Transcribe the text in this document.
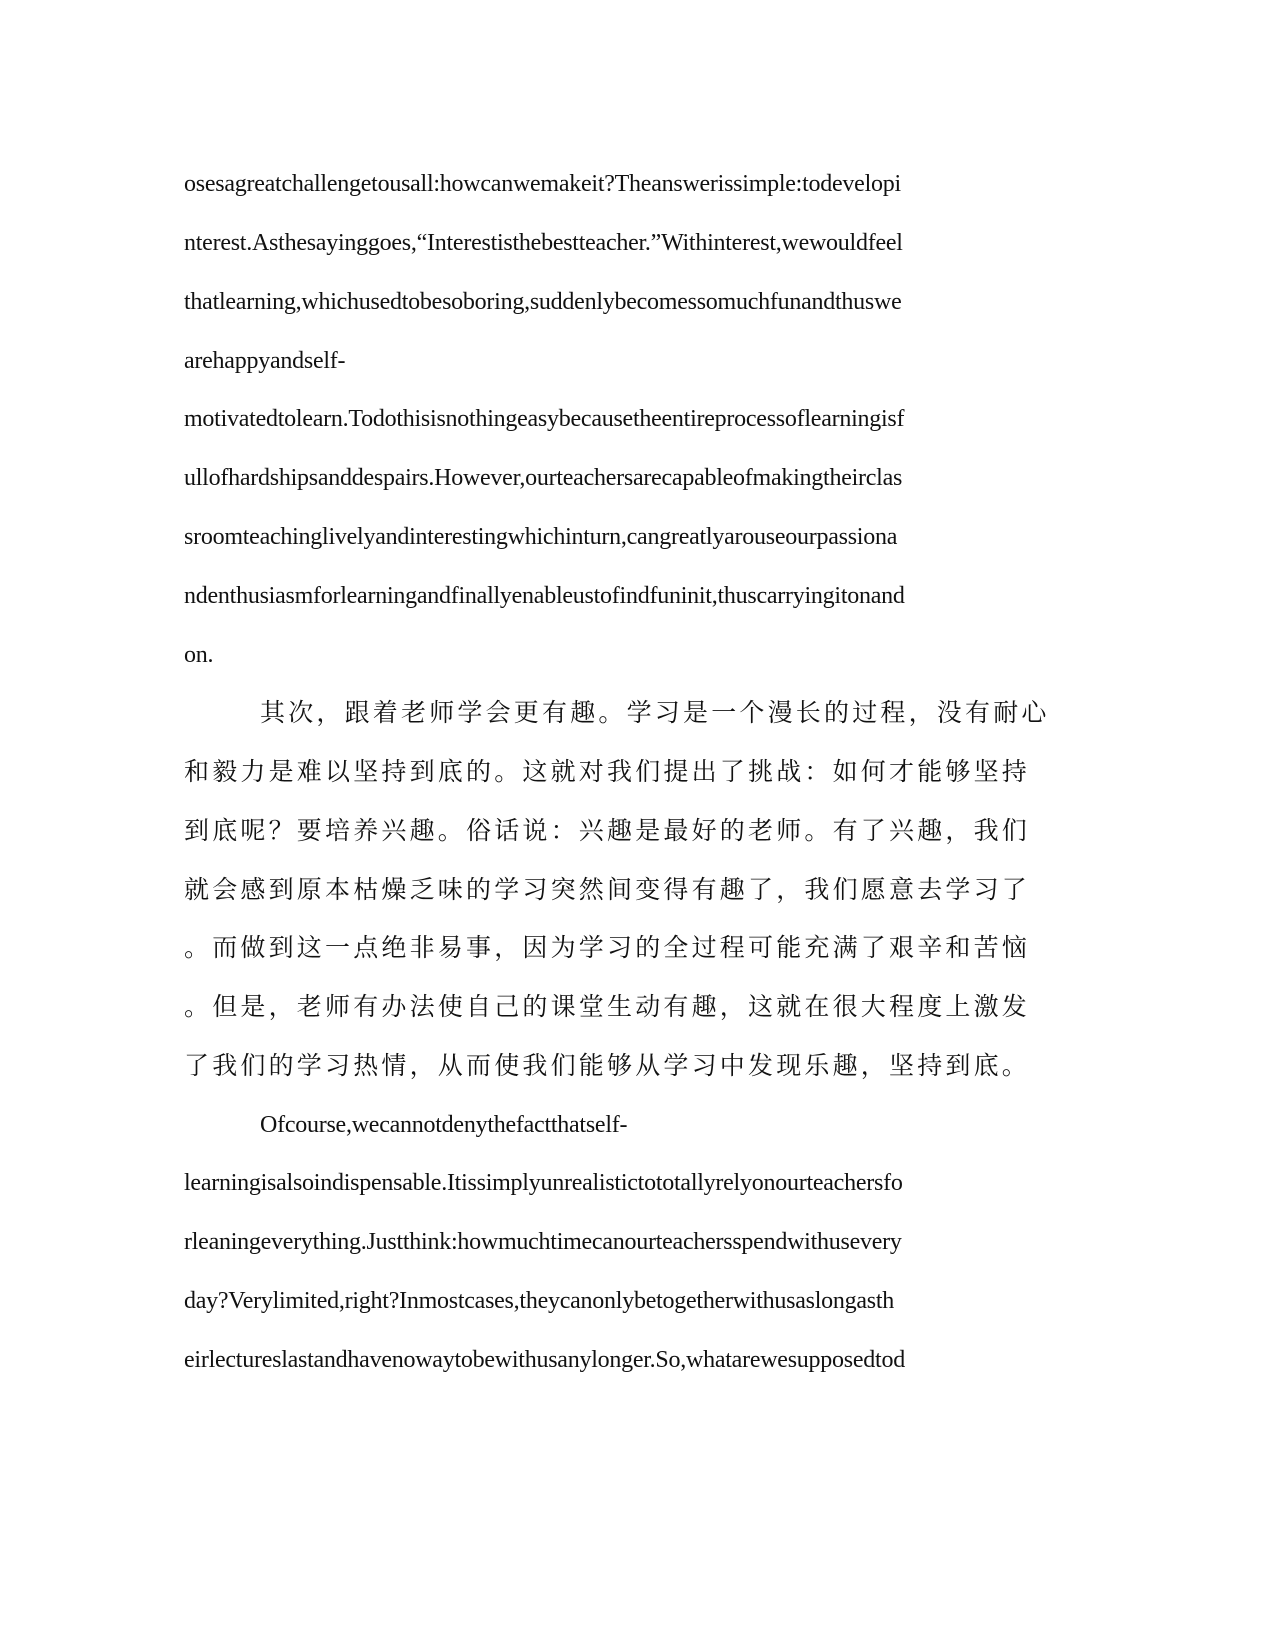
osesagreatchallengetousall:howcanwemakeit?Theanswerissimple:todevelopi
nterest.Asthesayinggoes,“Interestisthebestteacher.”Withinterest,wewouldfeel
thatlearning,whichusedtobesoboring,suddenlybecomessomuchfunandthuswe
arehappyandself-
motivatedtolearn.Todothisisnothingeasybecausetheentireprocessoflearningisf
ullofhardshipsanddespairs.However,ourteachersarecapableofmakingtheirclas
sroomteachinglivelyandinterestingwhichinturn,cangreatlyarouseourpassiona
ndenthusiasmforlearningandfinallyenableustofindfuninit,thuscarryingitonand
on.
其次，跟着老师学会更有趣。学习是一个漫长的过程，没有耐心
和毅力是难以坚持到底的。这就对我们提出了挑战：如何才能够坚持
到底呢？要培养兴趣。俗话说：兴趣是最好的老师。有了兴趣，我们
就会感到原本枯燥乏味的学习突然间变得有趣了，我们愿意去学习了
。而做到这一点绝非易事，因为学习的全过程可能充满了艰辛和苦恼
。但是，老师有办法使自己的课堂生动有趣，这就在很大程度上激发
了我们的学习热情，从而使我们能够从学习中发现乐趣，坚持到底。
Ofcourse,wecannotdenythefactthatself-
learningisalsoindispensable.Itissimplyunrealistictototallyrelyonourteachersfo
rleaningeverything.Justthink:howmuchtimecanourteachersspendwithusevery
day?Verylimited,right?Inmostcases,theycanonlybetogetherwithusaslongasth
eirlectureslastandhavenowaytobewithusanylonger.So,whatarewesupposedtod
